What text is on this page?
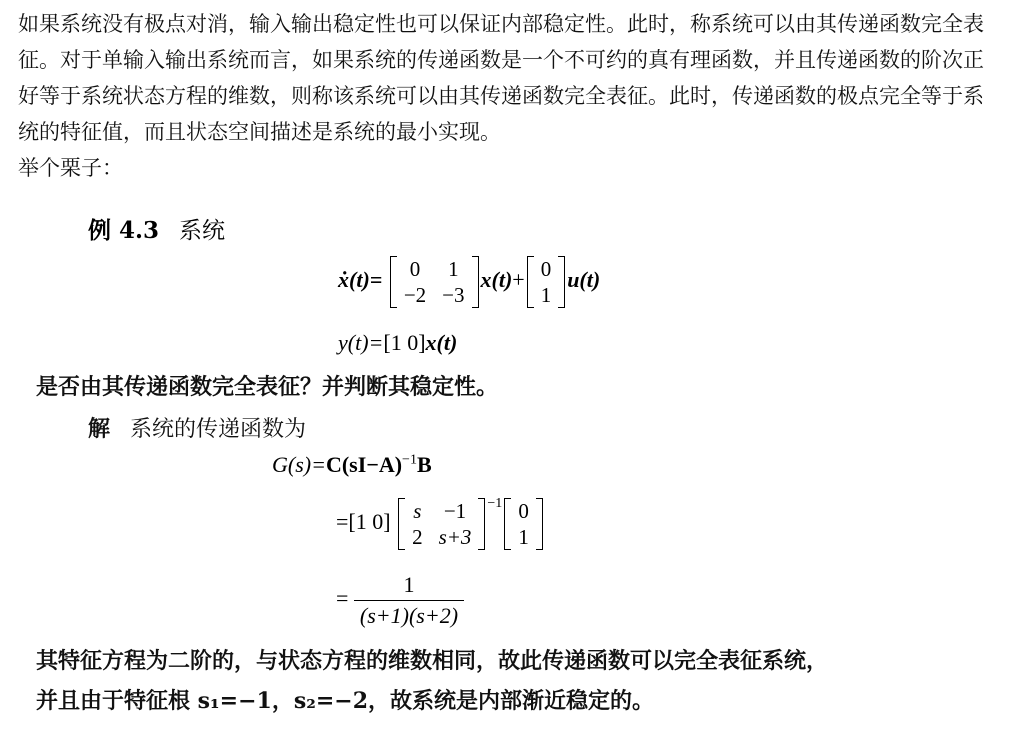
如果系统没有极点对消，输入输出稳定性也可以保证内部稳定性。此时，称系统可以由其传递函数完全表征。对于单输入输出系统而言，如果系统的传递函数是一个不可约的真有理函数，并且传递函数的阶次正好等于系统状态方程的维数，则称该系统可以由其传递函数完全表征。此时，传递函数的极点完全等于系统的特征值，而且状态空间描述是系统的最小实现。
举个栗子：
例 4.3 系统
ẋ(t)= 0	1
−2	−3
x(t)+ 0
1
u(t)
y(t)=[1 0]x(t)
是否由其传递函数完全表征？并判断其稳定性。
解 系统的传递函数为
$G(s)=C(sI-A)^{-1}B$
=[1 0] s	−1
2	s+3
$^{-1}$ 0
1
= $\frac{1}{(s+1)(s+2)}$
其特征方程为二阶的，与状态方程的维数相同，故此传递函数可以完全表征系统，
并且由于特征根 s₁=−1，s₂=−2，故系统是内部渐近稳定的。
